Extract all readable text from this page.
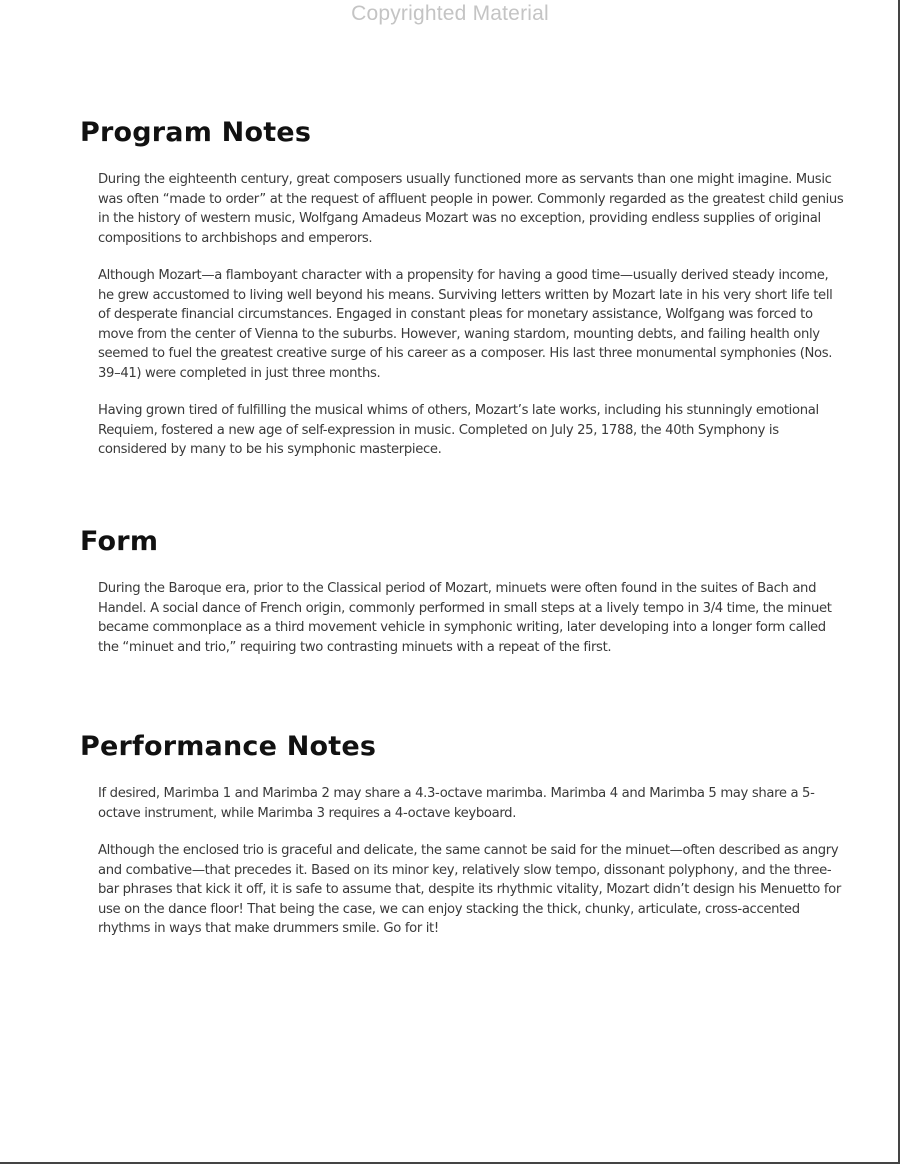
Copyrighted Material
Program Notes

During the eighteenth century, great composers usually functioned more as servants than one might imagine. Music was often “made to order” at the request of affluent people in power. Commonly regarded as the greatest child genius in the history of western music, Wolfgang Amadeus Mozart was no exception, providing endless supplies of original compositions to archbishops and emperors.

Although Mozart—a flamboyant character with a propensity for having a good time—usually derived steady income, he grew accustomed to living well beyond his means. Surviving letters written by Mozart late in his very short life tell of desperate financial circumstances. Engaged in constant pleas for monetary assistance, Wolfgang was forced to move from the center of Vienna to the suburbs. However, waning stardom, mounting debts, and failing health only seemed to fuel the greatest creative surge of his career as a composer. His last three monumental symphonies (Nos. 39–41) were completed in just three months.

Having grown tired of fulfilling the musical whims of others, Mozart’s late works, including his stunningly emotional Requiem, fostered a new age of self-expression in music. Completed on July 25, 1788, the 40th Symphony is considered by many to be his symphonic masterpiece.

Form

During the Baroque era, prior to the Classical period of Mozart, minuets were often found in the suites of Bach and Handel. A social dance of French origin, commonly performed in small steps at a lively tempo in 3/4 time, the minuet became commonplace as a third movement vehicle in symphonic writing, later developing into a longer form called the “minuet and trio,” requiring two contrasting minuets with a repeat of the first.

Performance Notes

If desired, Marimba 1 and Marimba 2 may share a 4.3-octave marimba. Marimba 4 and Marimba 5 may share a 5-octave instrument, while Marimba 3 requires a 4-octave keyboard.

Although the enclosed trio is graceful and delicate, the same cannot be said for the minuet—often described as angry and combative—that precedes it. Based on its minor key, relatively slow tempo, dissonant polyphony, and the three-bar phrases that kick it off, it is safe to assume that, despite its rhythmic vitality, Mozart didn’t design his Menuetto for use on the dance floor! That being the case, we can enjoy stacking the thick, chunky, articulate, cross-accented rhythms in ways that make drummers smile. Go for it!
